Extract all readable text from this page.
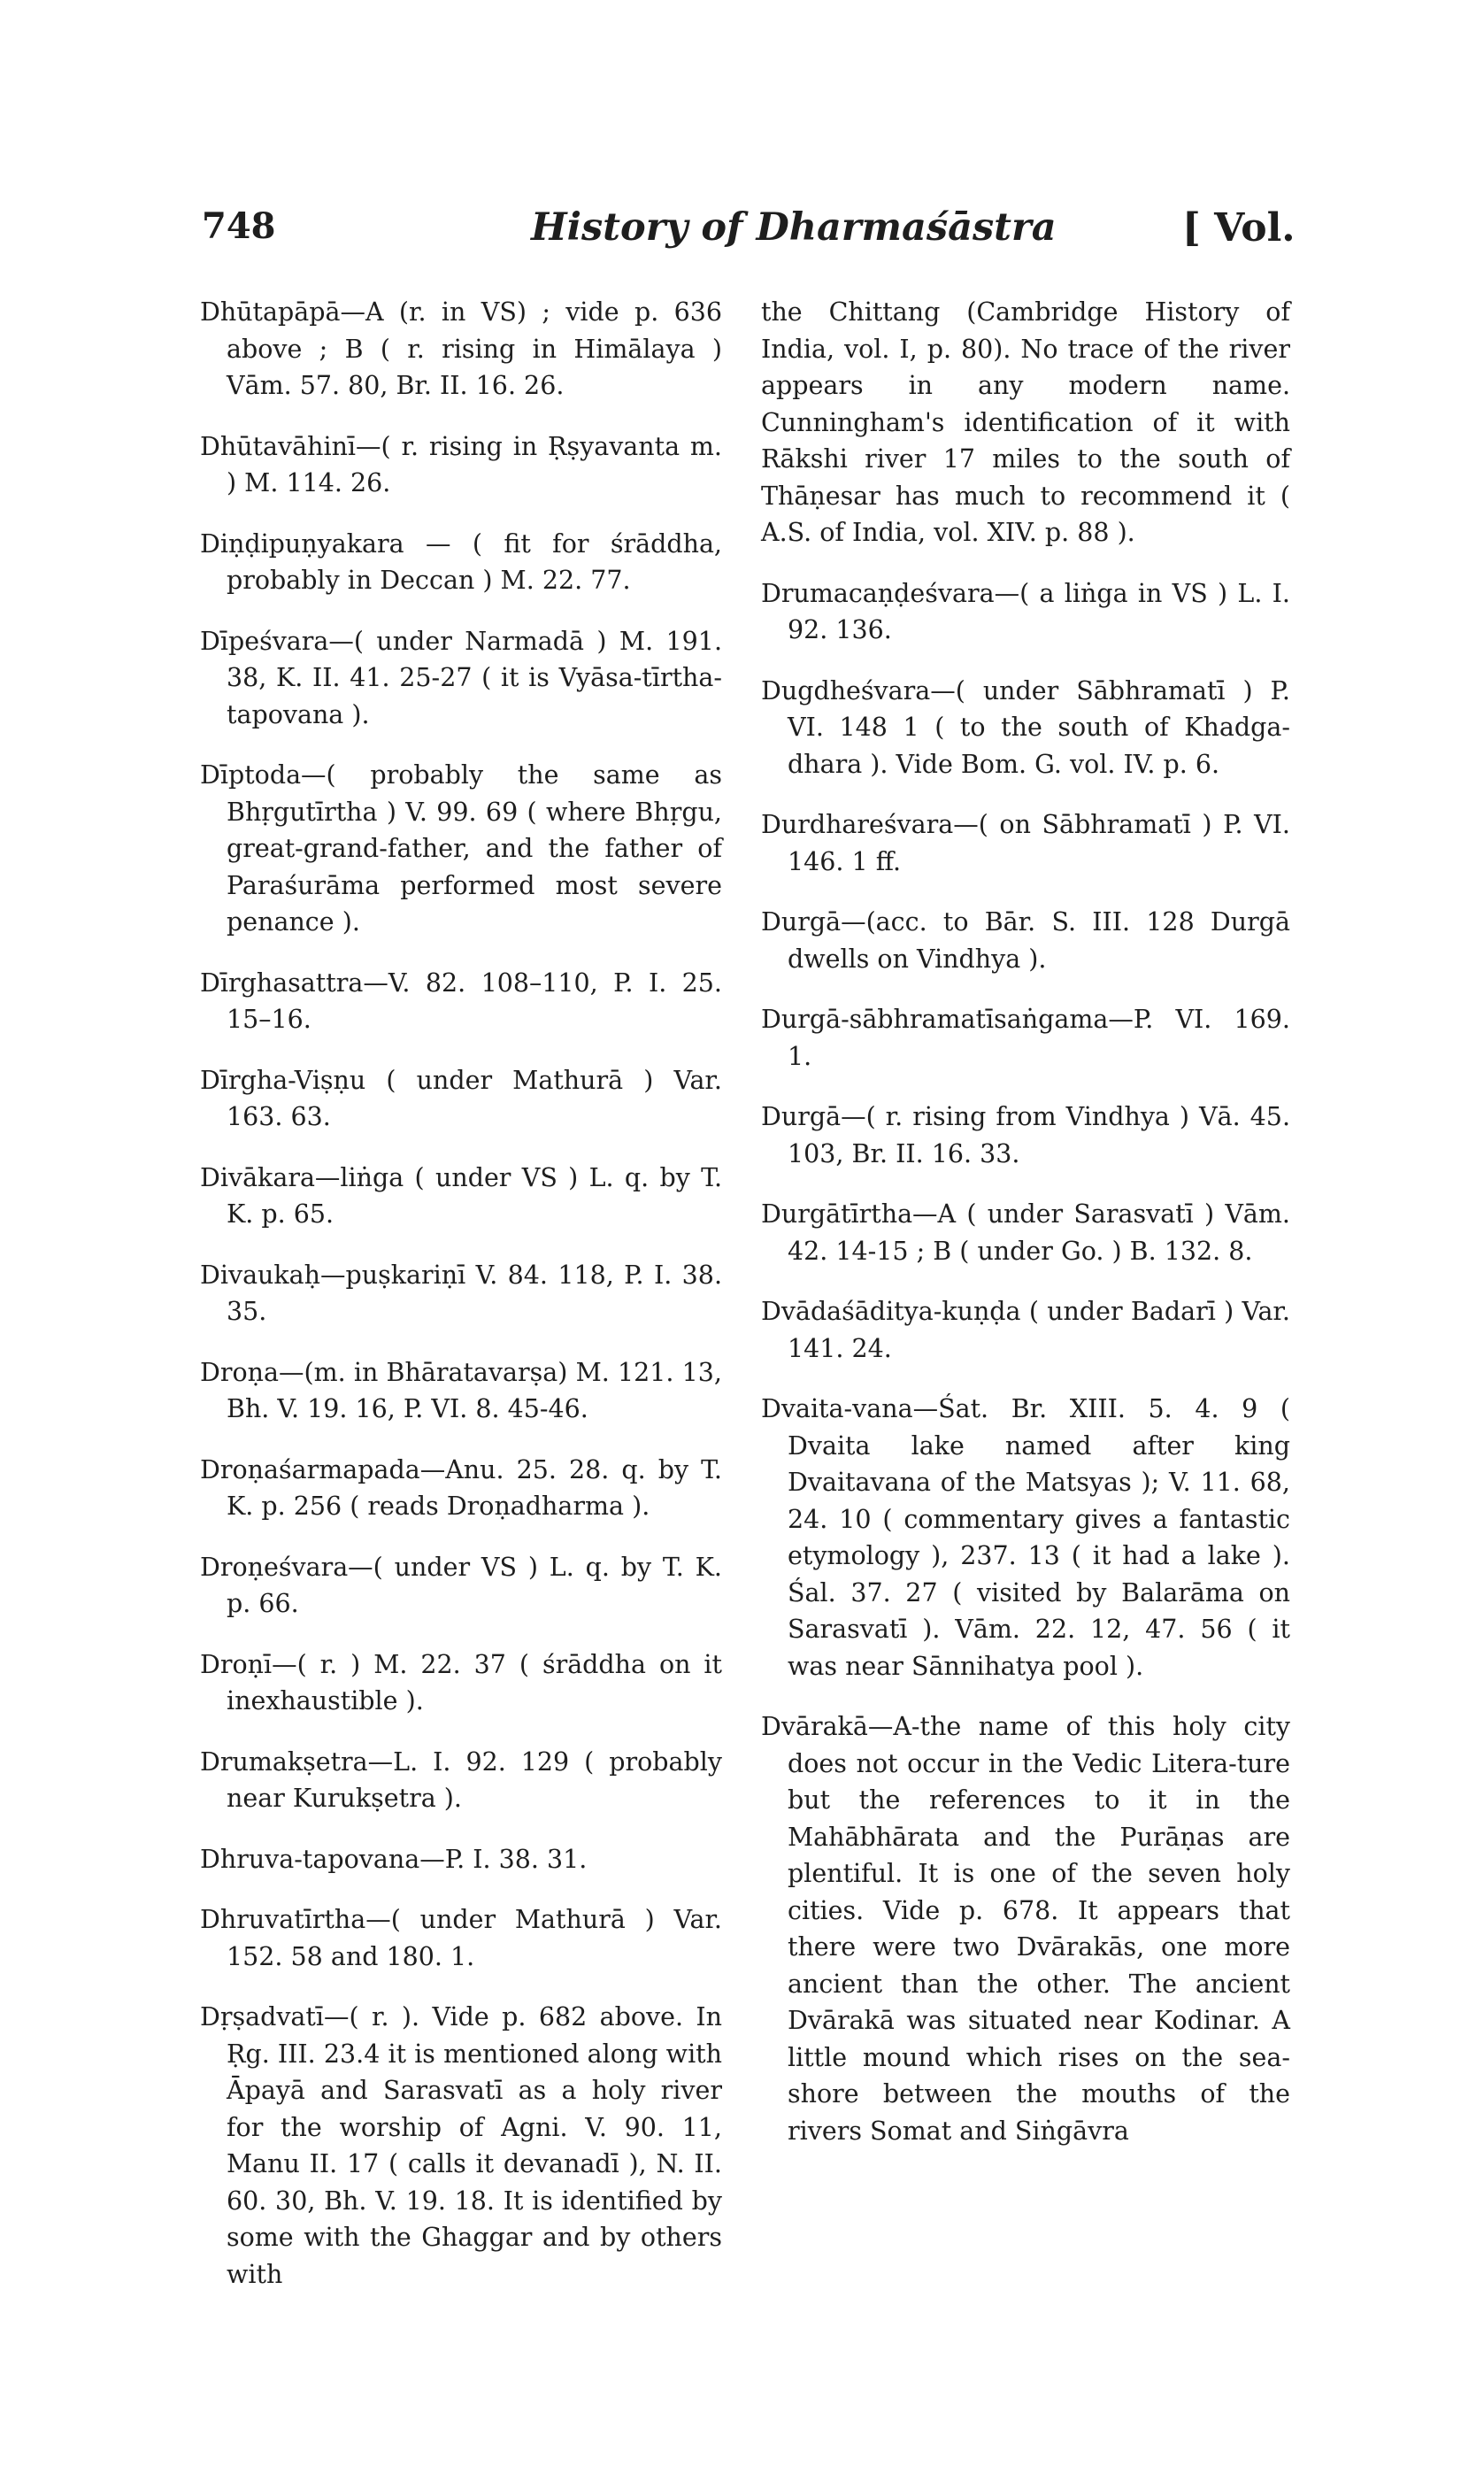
748	History of Dharmaśāstra	[ Vol.
Dhūtapāpā—A (r. in VS) ; vide p. 636 above ; B ( r. rising in Himālaya ) Vām. 57. 80, Br. II. 16. 26.
Dhūtavāhinī—( r. rising in Ṛṣyavanta m. ) M. 114. 26.
Diṇḍipuṇyakara — ( fit for śrāddha, probably in Deccan ) M. 22. 77.
Dīpeśvara—( under Narmadā ) M. 191. 38, K. II. 41. 25-27 ( it is Vyāsa-tīrtha-tapovana ).
Dīptoda—( probably the same as Bhṛgutīrtha ) V. 99. 69 ( where Bhṛgu, great-grand-father, and the father of Paraśurāma performed most severe penance ).
Dīrghasattra—V. 82. 108–110, P. I. 25. 15–16.
Dīrgha-Viṣṇu ( under Mathurā ) Var. 163. 63.
Divākara—liṅga ( under VS ) L. q. by T. K. p. 65.
Divaukaḥ—puṣkariṇī V. 84. 118, P. I. 38. 35.
Droṇa—(m. in Bhāratavarṣa) M. 121. 13, Bh. V. 19. 16, P. VI. 8. 45-46.
Droṇaśarmapada—Anu. 25. 28. q. by T. K. p. 256 ( reads Droṇadharma ).
Droṇeśvara—( under VS ) L. q. by T. K. p. 66.
Droṇī—( r. ) M. 22. 37 ( śrāddha on it inexhaustible ).
Drumakṣetra—L. I. 92. 129 ( probably near Kurukṣetra ).
Dhruva-tapovana—P. I. 38. 31.
Dhruvatīrtha—( under Mathurā ) Var. 152. 58 and 180. 1.
Dṛṣadvatī—( r. ). Vide p. 682 above. In Ṛg. III. 23.4 it is mentioned along with Āpayā and Sarasvatī as a holy river for the worship of Agni. V. 90. 11, Manu II. 17 ( calls it devanadī ), N. II. 60. 30, Bh. V. 19. 18. It is identified by some with the Ghaggar and by others with
the Chittang (Cambridge History of India, vol. I, p. 80). No trace of the river appears in any modern name. Cunningham's identification of it with Rākshi river 17 miles to the south of Thāṇesar has much to recommend it ( A.S. of India, vol. XIV. p. 88 ).
Drumacaṇḍeśvara—( a liṅga in VS ) L. I. 92. 136.
Dugdheśvara—( under Sābhramatī ) P. VI. 148 1 ( to the south of Khadga-dhara ). Vide Bom. G. vol. IV. p. 6.
Durdhareśvara—( on Sābhramatī ) P. VI. 146. 1 ff.
Durgā—(acc. to Bār. S. III. 128 Durgā dwells on Vindhya ).
Durgā-sābhramatīsaṅgama—P. VI. 169. 1.
Durgā—( r. rising from Vindhya ) Vā. 45. 103, Br. II. 16. 33.
Durgātīrtha—A ( under Sarasvatī ) Vām. 42. 14-15 ; B ( under Go. ) B. 132. 8.
Dvādaśāditya-kuṇḍa ( under Badarī ) Var. 141. 24.
Dvaita-vana—Śat. Br. XIII. 5. 4. 9 ( Dvaita lake named after king Dvaitavana of the Matsyas ); V. 11. 68, 24. 10 ( commentary gives a fantastic etymology ), 237. 13 ( it had a lake ). Śal. 37. 27 ( visited by Balarāma on Sarasvatī ). Vām. 22. 12, 47. 56 ( it was near Sānnihatya pool ).
Dvārakā—A-the name of this holy city does not occur in the Vedic Litera-ture but the references to it in the Mahābhārata and the Purāṇas are plentiful. It is one of the seven holy cities. Vide p. 678. It appears that there were two Dvārakās, one more ancient than the other. The ancient Dvārakā was situated near Kodinar. A little mound which rises on the sea-shore between the mouths of the rivers Somat and Siṅgāvra
